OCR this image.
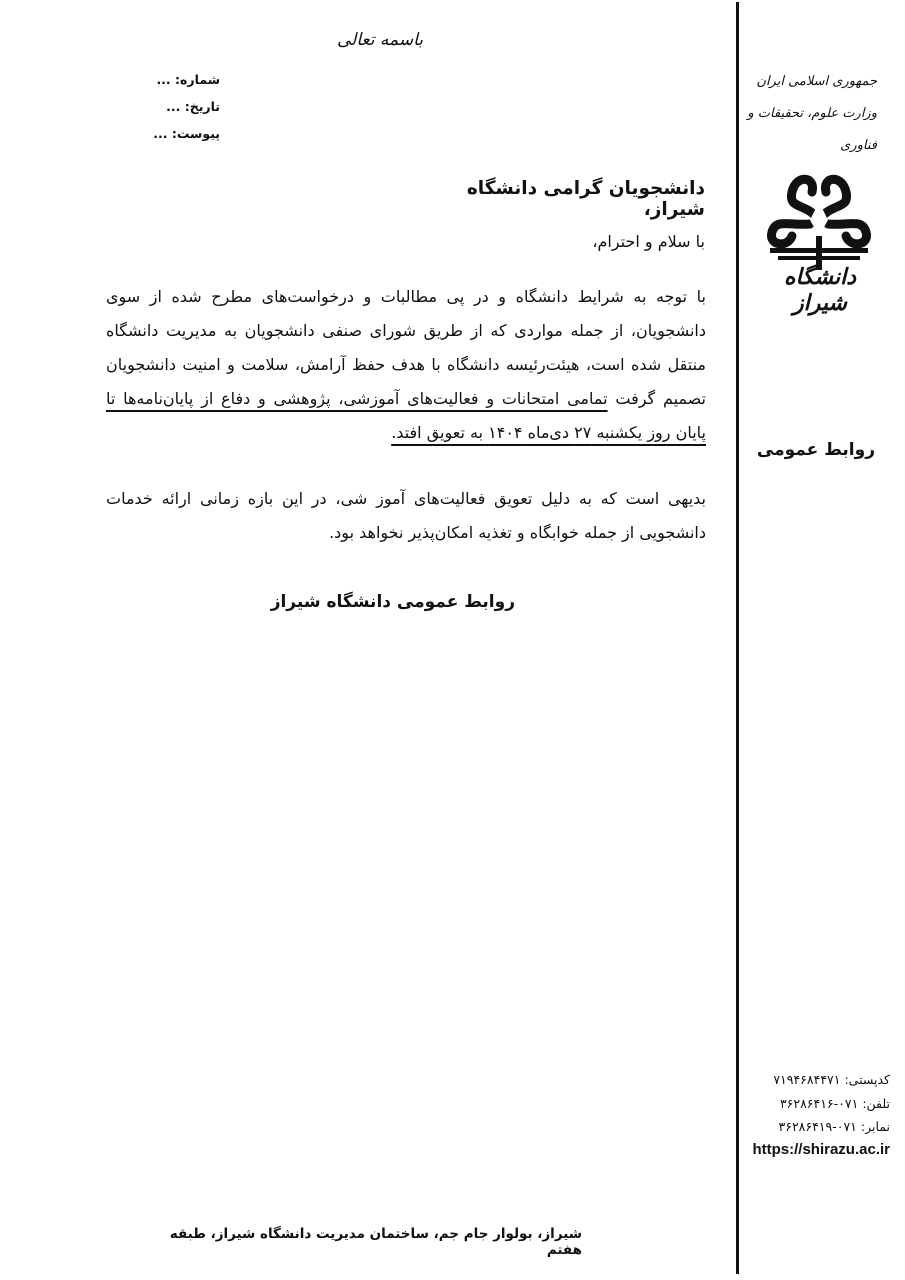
باسمه تعالی
شماره: ...
تاریخ: ...
پیوست: ...
جمهوری اسلامی ایران
وزارت علوم، تحقیقات و فناوری
دانشگاه شیراز
روابط عمومی
کدپستی: ۷۱۹۴۶۸۴۴۷۱
تلفن: ۰۷۱-۳۶۲۸۶۴۱۶
نمابر: ۰۷۱-۳۶۲۸۶۴۱۹
https://shirazu.ac.ir
دانشجویان گرامی دانشگاه شیراز،
با سلام و احترام،
با توجه به شرایط دانشگاه و در پی مطالبات و درخواست‌های مطرح شده از سوی دانشجویان، از جمله مواردی که از طریق شورای صنفی دانشجویان به مدیریت دانشگاه منتقل شده است، هیئت‌رئیسه دانشگاه با هدف حفظ آرامش، سلامت و امنیت دانشجویان تصمیم گرفت تمامی امتحانات و فعالیت‌های آموزشی، پژوهشی و دفاع از پایان‌نامه‌ها تا پایان روز یکشنبه ۲۷ دی‌ماه ۱۴۰۴ به تعویق افتد.
بدیهی است که به دلیل تعویق فعالیت‌های آموز شی، در این بازه زمانی ارائه خدمات دانشجویی از جمله خوابگاه و تغذیه امکان‌پذیر نخواهد بود.
روابط عمومی دانشگاه شیراز
شیراز، بولوار جام جم، ساختمان مدیریت دانشگاه شیراز، طبقه هفتم
